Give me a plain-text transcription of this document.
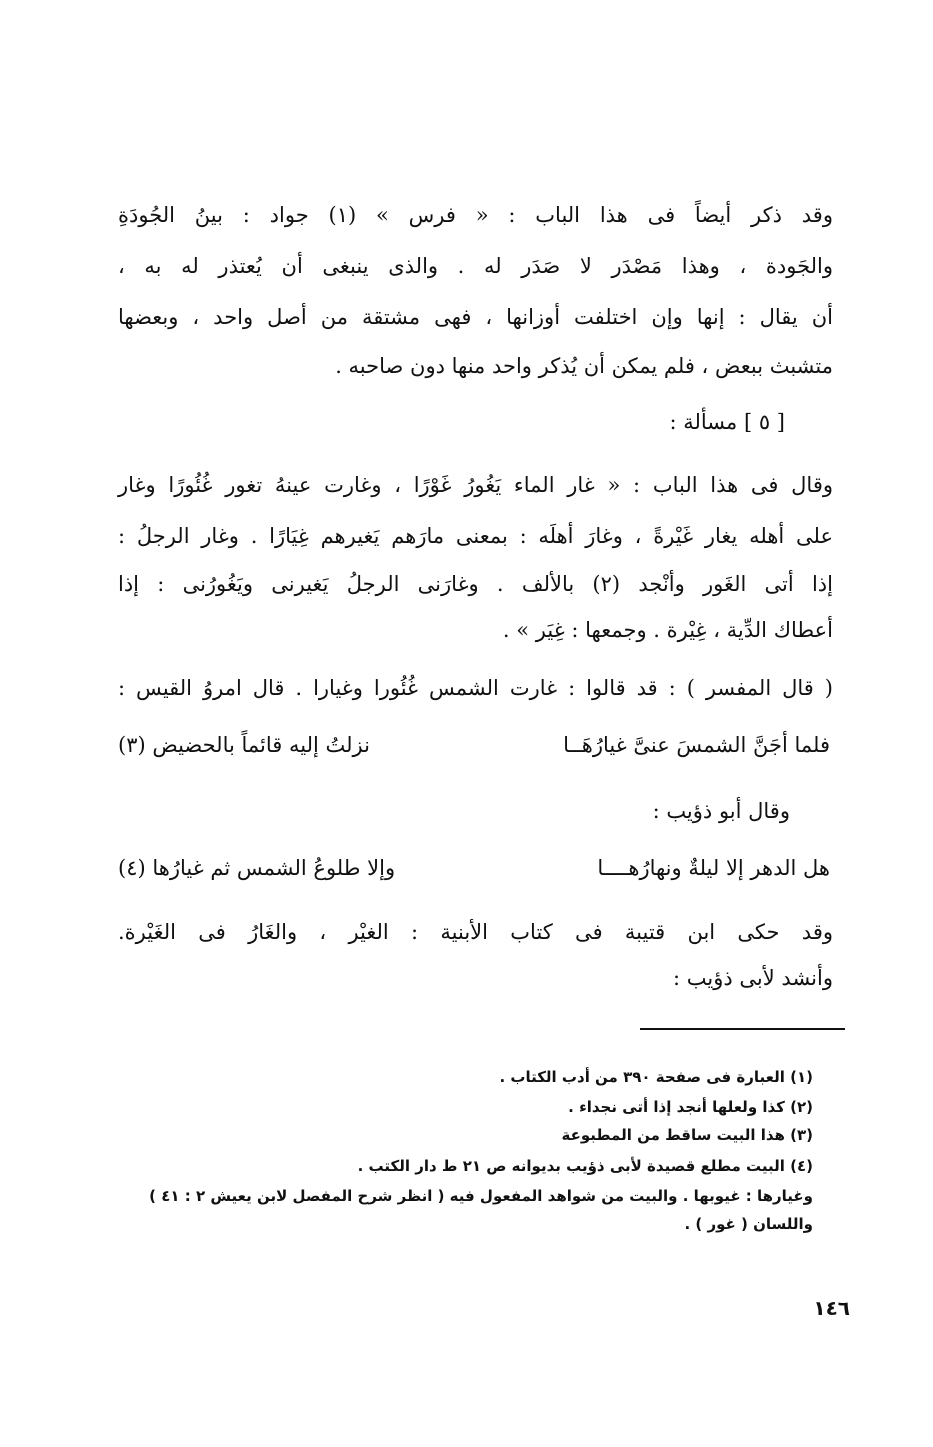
وقد ذكر أيضاً فى هذا الباب : « فرس » (١) جواد : بينُ الجُودَةِ
والجَودة ، وهذا مَصْدَر لا صَدَر له . والذى ينبغى أن يُعتذر له به ،
أن يقال : إنها وإن اختلفت أوزانها ، فهى مشتقة من أصل واحد ، وبعضها
متشبث ببعض ، فلم يمكن أن يُذكر واحد منها دون صاحبه .
[ ٥ ] مسألة :
وقال فى هذا الباب : « غار الماء يَغُورُ غَوْرًا ، وغارت عينهُ تغور غُئُورًا وغار
على أهله يغار غَيْرةً ، وغارَ أهلَه : بمعنى مارَهم يَغيرهم غِيَارًا . وغار الرجلُ :
إذا أتى الغَور وأنْجد (٢) بالألف . وغارَنى الرجلُ يَغيرنى ويَغُورُنى : إذا
أعطاك الدِّية ، غِيْرة . وجمعها : غِيَر » .
( قال المفسر ) : قد قالوا : غارت الشمس غُئُورا وغيارا . قال امروُ القيس :
فلما أجَنَّ الشمسَ عنىَّ غيارُهَــا
نزلتُ إليه قائماً بالحضيض (٣)
وقال أبو ذؤيب :
هل الدهر إلا ليلةٌ ونهارُهــــا
وإلا طلوعُ الشمس ثم غيارُها (٤)
وقد حكى ابن قتيبة فى كتاب الأبنية : الغيْر ، والغَارُ فى الغَيْرة.
وأنشد لأبى ذؤيب :
(١) العبارة فى صفحة ٣٩٠ من أدب الكتاب .
(٢) كذا ولعلها أنجد إذا أتى نجداء .
(٣) هذا البيت ساقط من المطبوعة
(٤) البيت مطلع قصيدة لأبى ذؤيب بديوانه ص ٢١ ط دار الكتب .
وغيارها : غيوبها . والبيت من شواهد المفعول فيه ( انظر شرح المفصل لابن يعيش ٢ : ٤١ )
واللسان ( غور ) .
١٤٦
